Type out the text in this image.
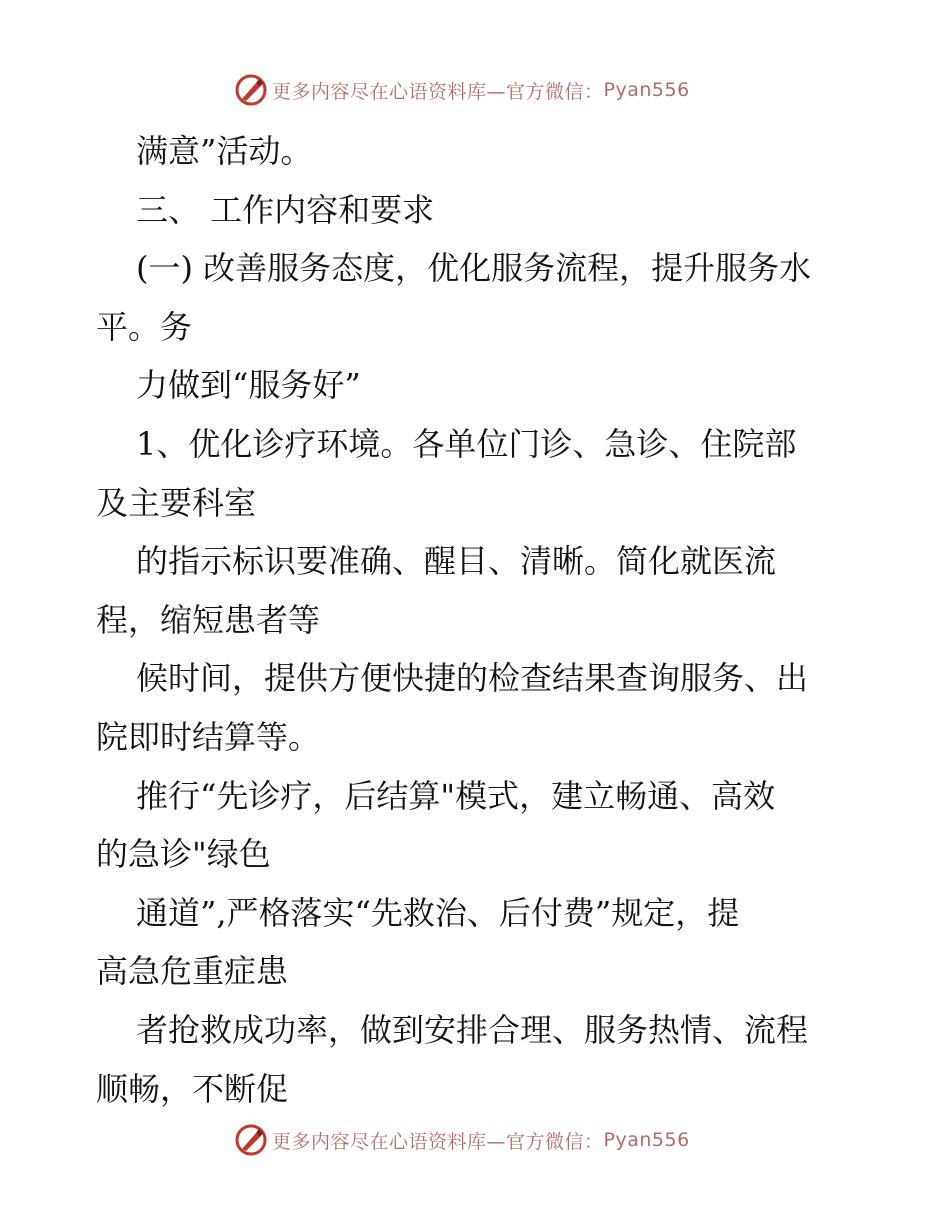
更多内容尽在心语资料库—官方微信： Pyan556

满意”活动。

三、 工作内容和要求

(一) 改善服务态度，优化服务流程，提升服务水
平。务

力做到“服务好”

1、优化诊疗环境。各单位门诊、急诊、住院部
及主要科室

的指示标识要准确、醒目、清晰。简化就医流
程，缩短患者等

候时间，提供方便快捷的检查结果查询服务、出
院即时结算等。

推行“先诊疗，后结算"模式，建立畅通、高效
的急诊"绿色

通道”,严格落实“先救治、后付费”规定，提
高急危重症患

者抢救成功率，做到安排合理、服务热情、流程
顺畅，不断促

更多内容尽在心语资料库—官方微信： Pyan556
